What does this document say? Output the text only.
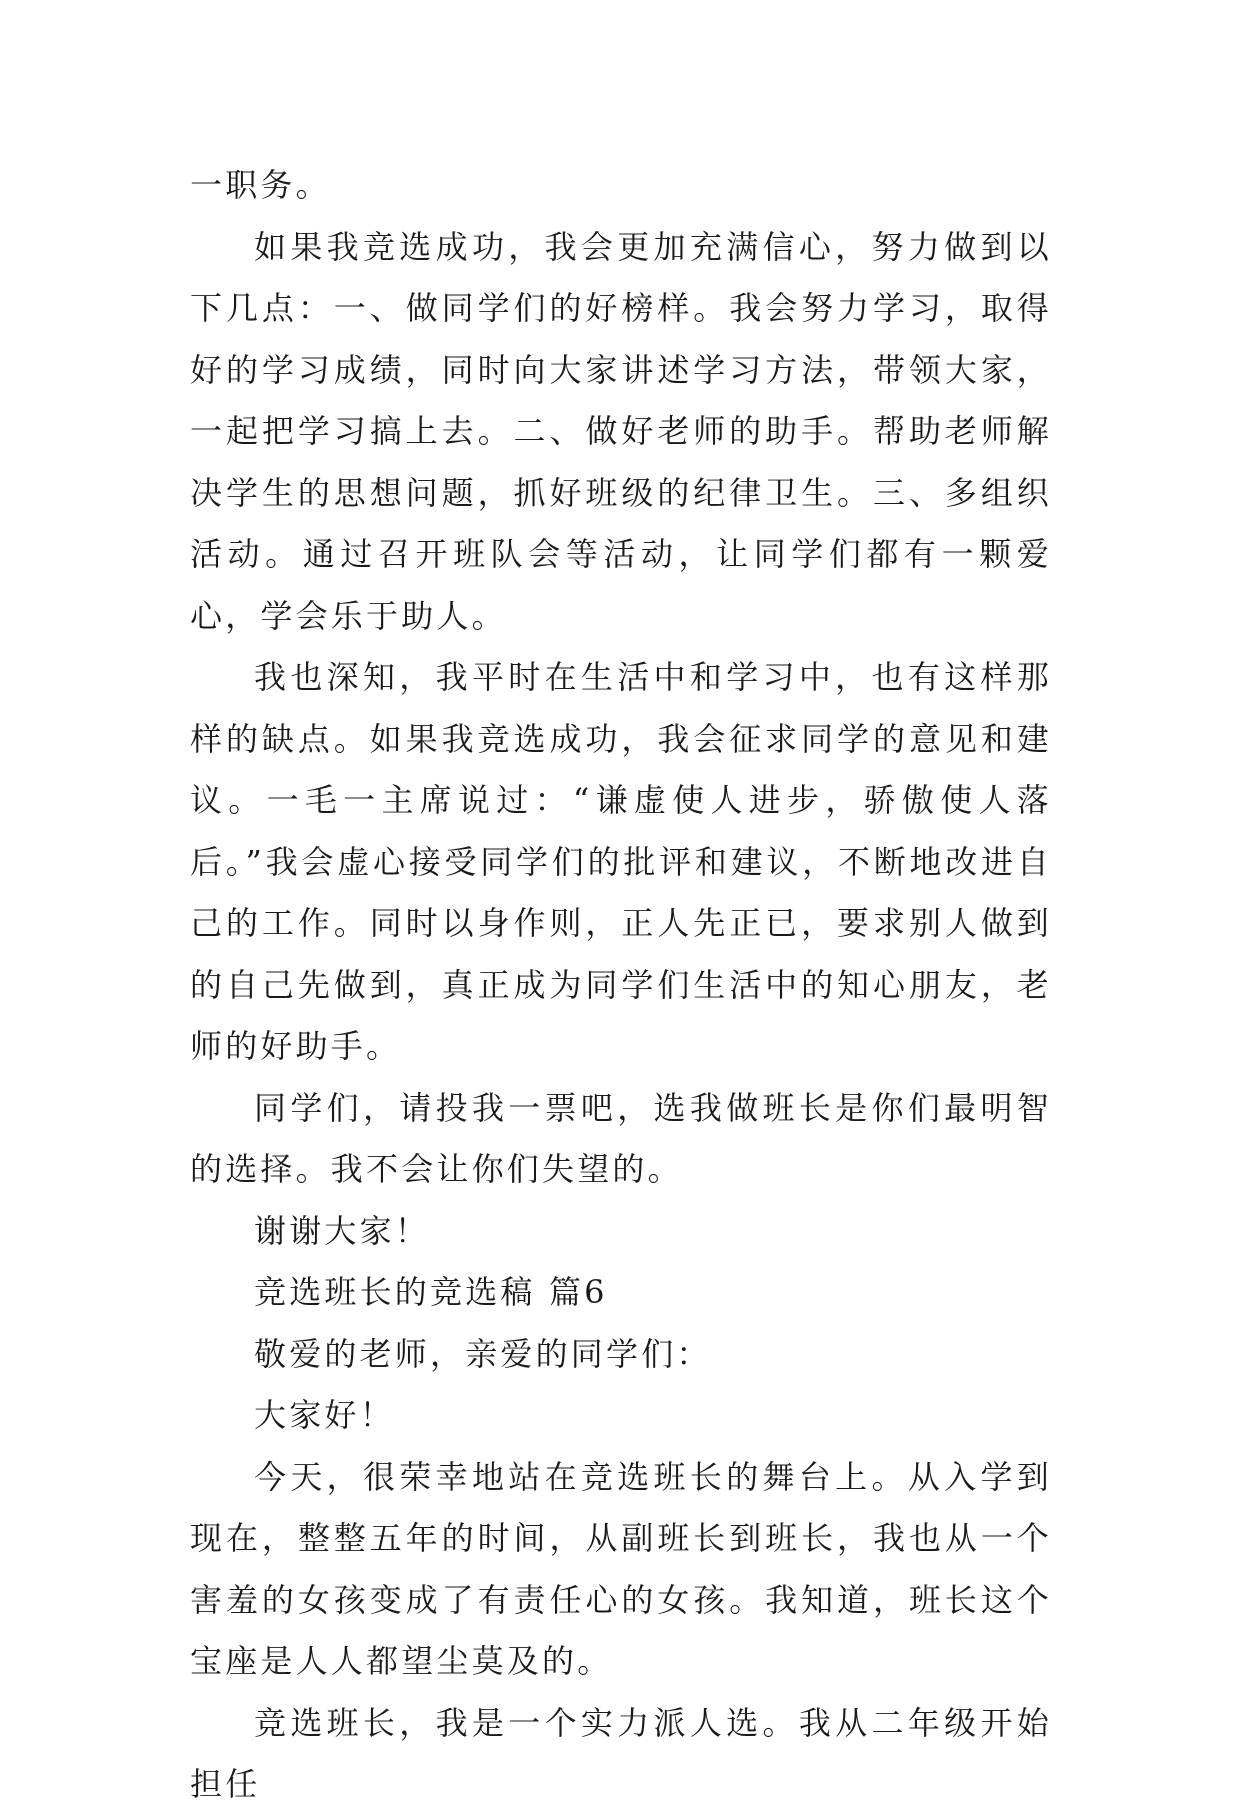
一职务。

如果我竞选成功，我会更加充满信心，努力做到以下几点：一、做同学们的好榜样。我会努力学习，取得好的学习成绩，同时向大家讲述学习方法，带领大家，一起把学习搞上去。二、做好老师的助手。帮助老师解决学生的思想问题，抓好班级的纪律卫生。三、多组织活动。通过召开班队会等活动，让同学们都有一颗爱心，学会乐于助人。

我也深知，我平时在生活中和学习中，也有这样那样的缺点。如果我竞选成功，我会征求同学的意见和建议。一毛一主席说过：“谦虚使人进步，骄傲使人落后。”我会虚心接受同学们的批评和建议，不断地改进自己的工作。同时以身作则，正人先正已，要求别人做到的自己先做到，真正成为同学们生活中的知心朋友，老师的好助手。

同学们，请投我一票吧，选我做班长是你们最明智的选择。我不会让你们失望的。

谢谢大家！

竞选班长的竞选稿 篇6

敬爱的老师，亲爱的同学们：

大家好！

今天，很荣幸地站在竞选班长的舞台上。从入学到现在，整整五年的时间，从副班长到班长，我也从一个害羞的女孩变成了有责任心的女孩。我知道，班长这个宝座是人人都望尘莫及的。

竞选班长，我是一个实力派人选。我从二年级开始担任
